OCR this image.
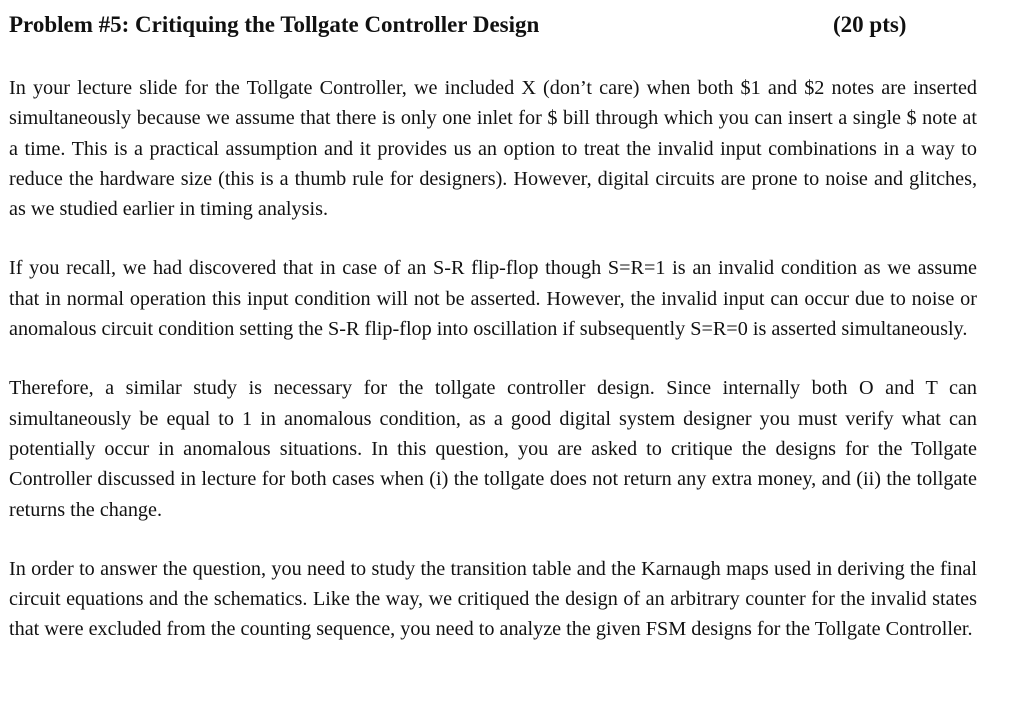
Problem #5: Critiquing the Tollgate Controller Design	(20 pts)

In your lecture slide for the Tollgate Controller, we included X (don’t care) when both $1 and $2 notes are inserted simultaneously because we assume that there is only one inlet for $ bill through which you can insert a single $ note at a time. This is a practical assumption and it provides us an option to treat the invalid input combinations in a way to reduce the hardware size (this is a thumb rule for designers). However, digital circuits are prone to noise and glitches, as we studied earlier in timing analysis.

If you recall, we had discovered that in case of an S-R flip-flop though S=R=1 is an invalid condition as we assume that in normal operation this input condition will not be asserted. However, the invalid input can occur due to noise or anomalous circuit condition setting the S-R flip-flop into oscillation if subsequently S=R=0 is asserted simultaneously.

Therefore, a similar study is necessary for the tollgate controller design. Since internally both O and T can simultaneously be equal to 1 in anomalous condition, as a good digital system designer you must verify what can potentially occur in anomalous situations. In this question, you are asked to critique the designs for the Tollgate Controller discussed in lecture for both cases when (i) the tollgate does not return any extra money, and (ii) the tollgate returns the change.

In order to answer the question, you need to study the transition table and the Karnaugh maps used in deriving the final circuit equations and the schematics. Like the way, we critiqued the design of an arbitrary counter for the invalid states that were excluded from the counting sequence, you need to analyze the given FSM designs for the Tollgate Controller.
